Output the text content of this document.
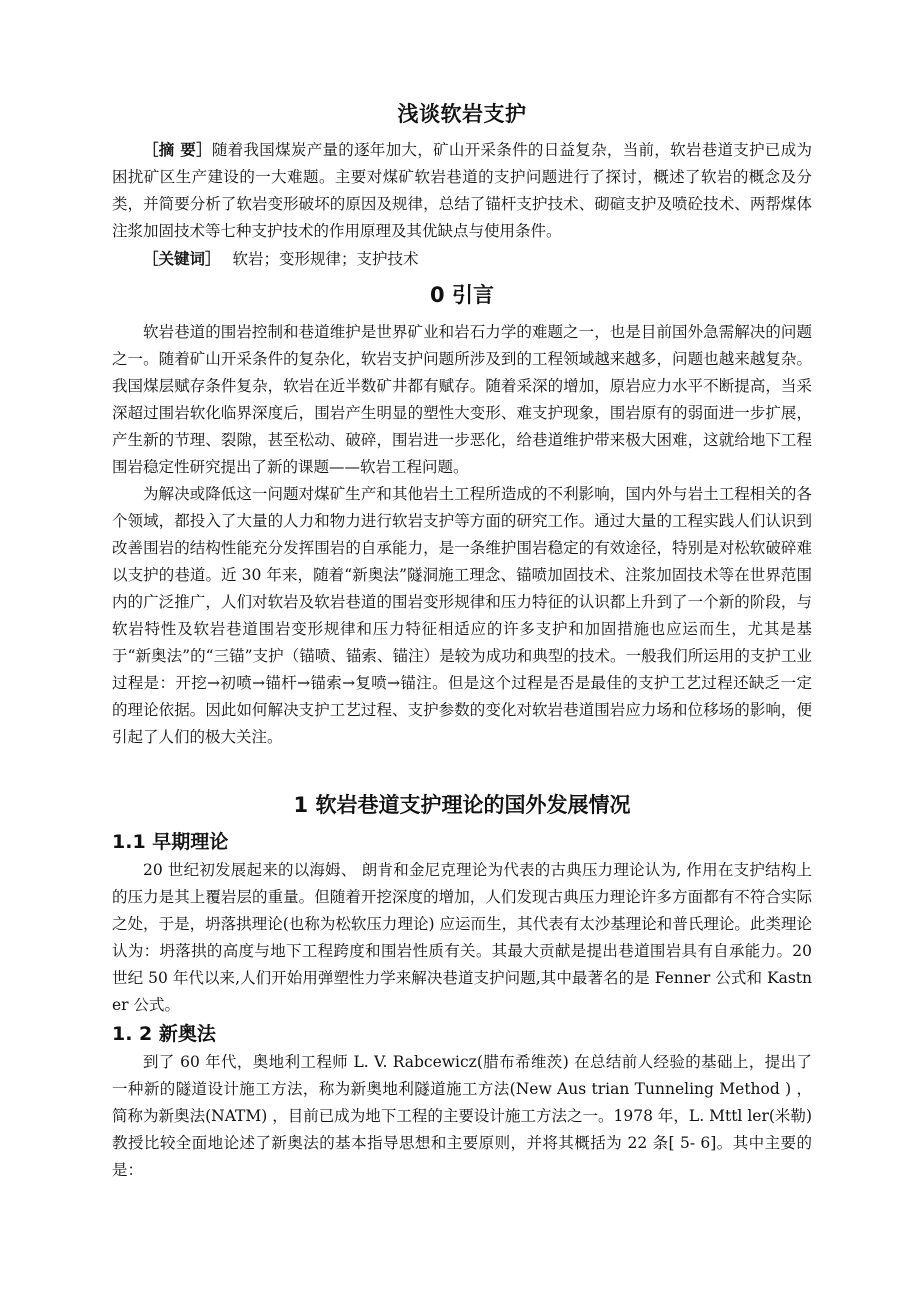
浅谈软岩支护

［摘 要］随着我国煤炭产量的逐年加大，矿山开采条件的日益复杂，当前，软岩巷道支护已成为困扰矿区生产建设的一大难题。主要对煤矿软岩巷道的支护问题进行了探讨，概述了软岩的概念及分类，并简要分析了软岩变形破坏的原因及规律，总结了锚杆支护技术、砌碹支护及喷砼技术、两帮煤体注浆加固技术等七种支护技术的作用原理及其优缺点与使用条件。

［关键词］ 软岩；变形规律；支护技术

0 引言

软岩巷道的围岩控制和巷道维护是世界矿业和岩石力学的难题之一，也是目前国外急需解决的问题之一。随着矿山开采条件的复杂化，软岩支护问题所涉及到的工程领域越来越多，问题也越来越复杂。我国煤层赋存条件复杂，软岩在近半数矿井都有赋存。随着采深的增加，原岩应力水平不断提高，当采深超过围岩软化临界深度后，围岩产生明显的塑性大变形、难支护现象，围岩原有的弱面进一步扩展，产生新的节理、裂隙，甚至松动、破碎，围岩进一步恶化，给巷道维护带来极大困难，这就给地下工程围岩稳定性研究提出了新的课题——软岩工程问题。

为解决或降低这一问题对煤矿生产和其他岩土工程所造成的不利影响，国内外与岩土工程相关的各个领域，都投入了大量的人力和物力进行软岩支护等方面的研究工作。通过大量的工程实践人们认识到改善围岩的结构性能充分发挥围岩的自承能力，是一条维护围岩稳定的有效途径，特别是对松软破碎难以支护的巷道。近 30 年来，随着“新奥法”隧洞施工理念、锚喷加固技术、注浆加固技术等在世界范围内的广泛推广，人们对软岩及软岩巷道的围岩变形规律和压力特征的认识都上升到了一个新的阶段，与软岩特性及软岩巷道围岩变形规律和压力特征相适应的许多支护和加固措施也应运而生，尤其是基于“新奥法”的“三锚”支护（锚喷、锚索、锚注）是较为成功和典型的技术。一般我们所运用的支护工业过程是：开挖→初喷→锚杆→锚索→复喷→锚注。但是这个过程是否是最佳的支护工艺过程还缺乏一定的理论依据。因此如何解决支护工艺过程、支护参数的变化对软岩巷道围岩应力场和位移场的影响，便引起了人们的极大关注。

1 软岩巷道支护理论的国外发展情况
1.1 早期理论

20 世纪初发展起来的以海姆、 朗肯和金尼克理论为代表的古典压力理论认为, 作用在支护结构上的压力是其上覆岩层的重量。但随着开挖深度的增加，人们发现古典压力理论许多方面都有不符合实际之处，于是，坍落拱理论(也称为松软压力理论) 应运而生，其代表有太沙基理论和普氏理论。此类理论认为：坍落拱的高度与地下工程跨度和围岩性质有关。其最大贡献是提出巷道围岩具有自承能力。20 世纪 50 年代以来,人们开始用弹塑性力学来解决巷道支护问题,其中最著名的是 Fenner 公式和 Kastner 公式。

1. 2 新奥法

到了 60 年代，奥地利工程师 L. V. Rabcewicz(腊布希维茨) 在总结前人经验的基础上，提出了一种新的隧道设计施工方法，称为新奥地利隧道施工方法(New Aus trian Tunneling Method ) ，简称为新奥法(NATM) ，目前已成为地下工程的主要设计施工方法之一。1978 年，L. Mttl ler(米勒)教授比较全面地论述了新奥法的基本指导思想和主要原则，并将其概括为 22 条[ 5- 6]。其中主要的是：
